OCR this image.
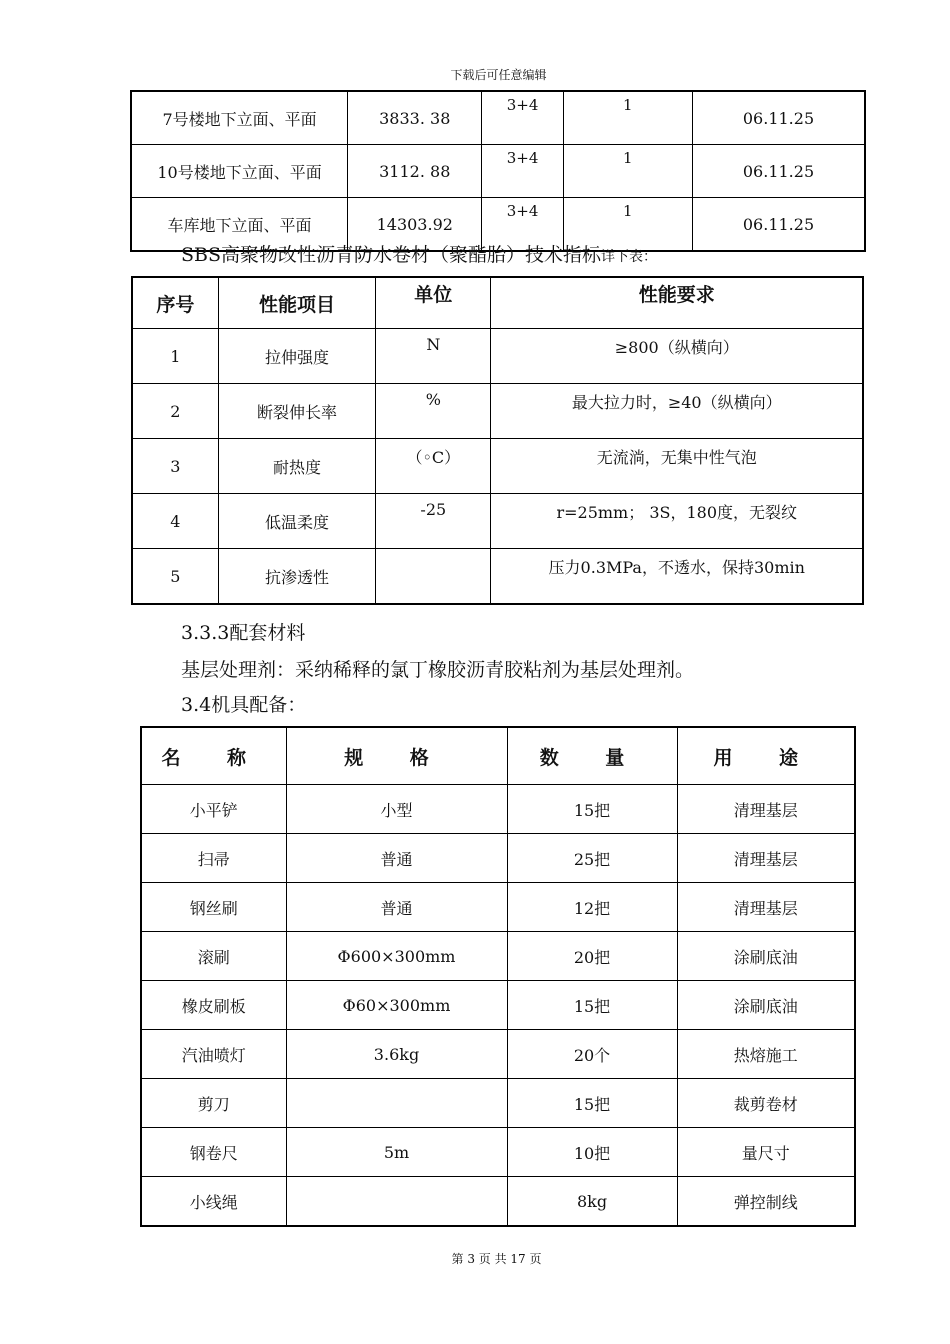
下载后可任意编辑
7号楼地下立面、平面	3833. 38	3+4	1	06.11.25
10号楼地下立面、平面	3112. 88	3+4	1	06.11.25
车库地下立面、平面	14303.92	3+4	1	06.11.25
SBS高聚物改性沥青防水卷材（聚酯胎）技术指标详下表：
序号	性能项目	单位	性能要求
1	拉伸强度	N	≥800（纵横向）
2	断裂伸长率	%	最大拉力时，≥40（纵横向）
3	耐热度	（◦C）	无流淌，无集中性气泡
4	低温柔度	-25	r=25mm； 3S，180度，无裂纹
5	抗渗透性		压力0.3MPa，不透水，保持30min
3.3.3配套材料
基层处理剂：采纳稀释的氯丁橡胶沥青胶粘剂为基层处理剂。
3.4机具配备：
名 称	规 格	数 量	用 途
小平铲	小型	15把	清理基层
扫帚	普通	25把	清理基层
钢丝刷	普通	12把	清理基层
滚刷	Φ600×300mm	20把	涂刷底油
橡皮刷板	Φ60×300mm	15把	涂刷底油
汽油喷灯	3.6kg	20个	热熔施工
剪刀		15把	裁剪卷材
钢卷尺	5m	10把	量尺寸
小线绳		8kg	弹控制线
第 3 页 共 17 页
